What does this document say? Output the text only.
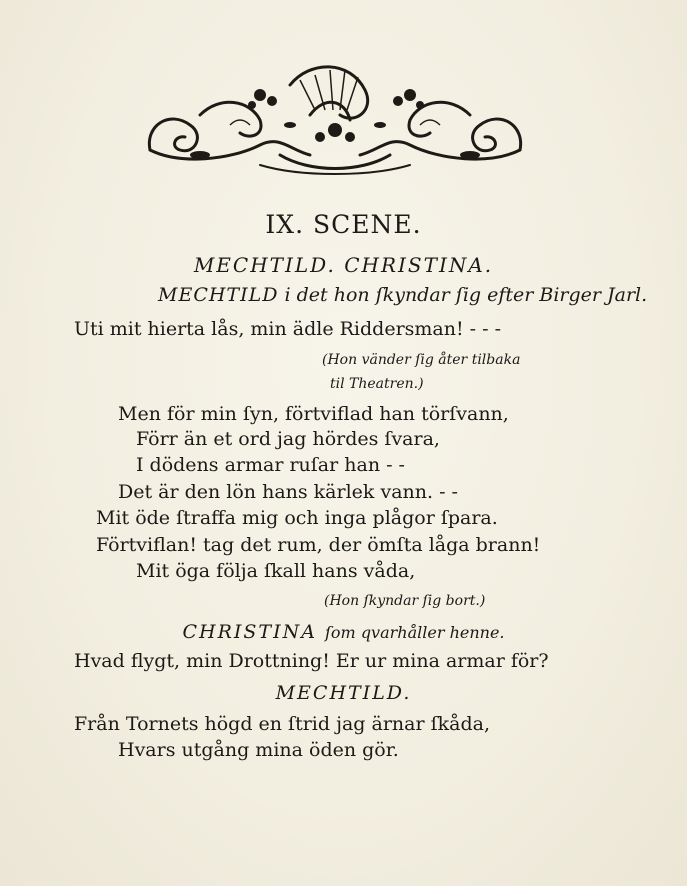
IX. SCENE.
MECHTILD. CHRISTINA.
MECHTILD i det hon ſkyndar ſig efter Birger Jarl.
Uti mit hierta lås, min ädle Riddersman! - - -
(Hon vänder ſig åter tilbaka
til Theatren.)
Men för min ſyn, förtviflad han törſvann,
Förr än et ord jag hördes ſvara,
I dödens armar ruſar han - -
Det är den lön hans kärlek vann. - -
Mit öde ſtraffa mig och inga plågor ſpara.
Förtviflan! tag det rum, der ömſta låga brann!
Mit öga följa ſkall hans våda,
(Hon ſkyndar ſig bort.)
CHRISTINA ſom qvarhåller henne.
Hvad flygt, min Drottning! Er ur mina armar för?
MECHTILD.
Från Tornets högd en ſtrid jag ärnar ſkåda,
Hvars utgång mina öden gör.
